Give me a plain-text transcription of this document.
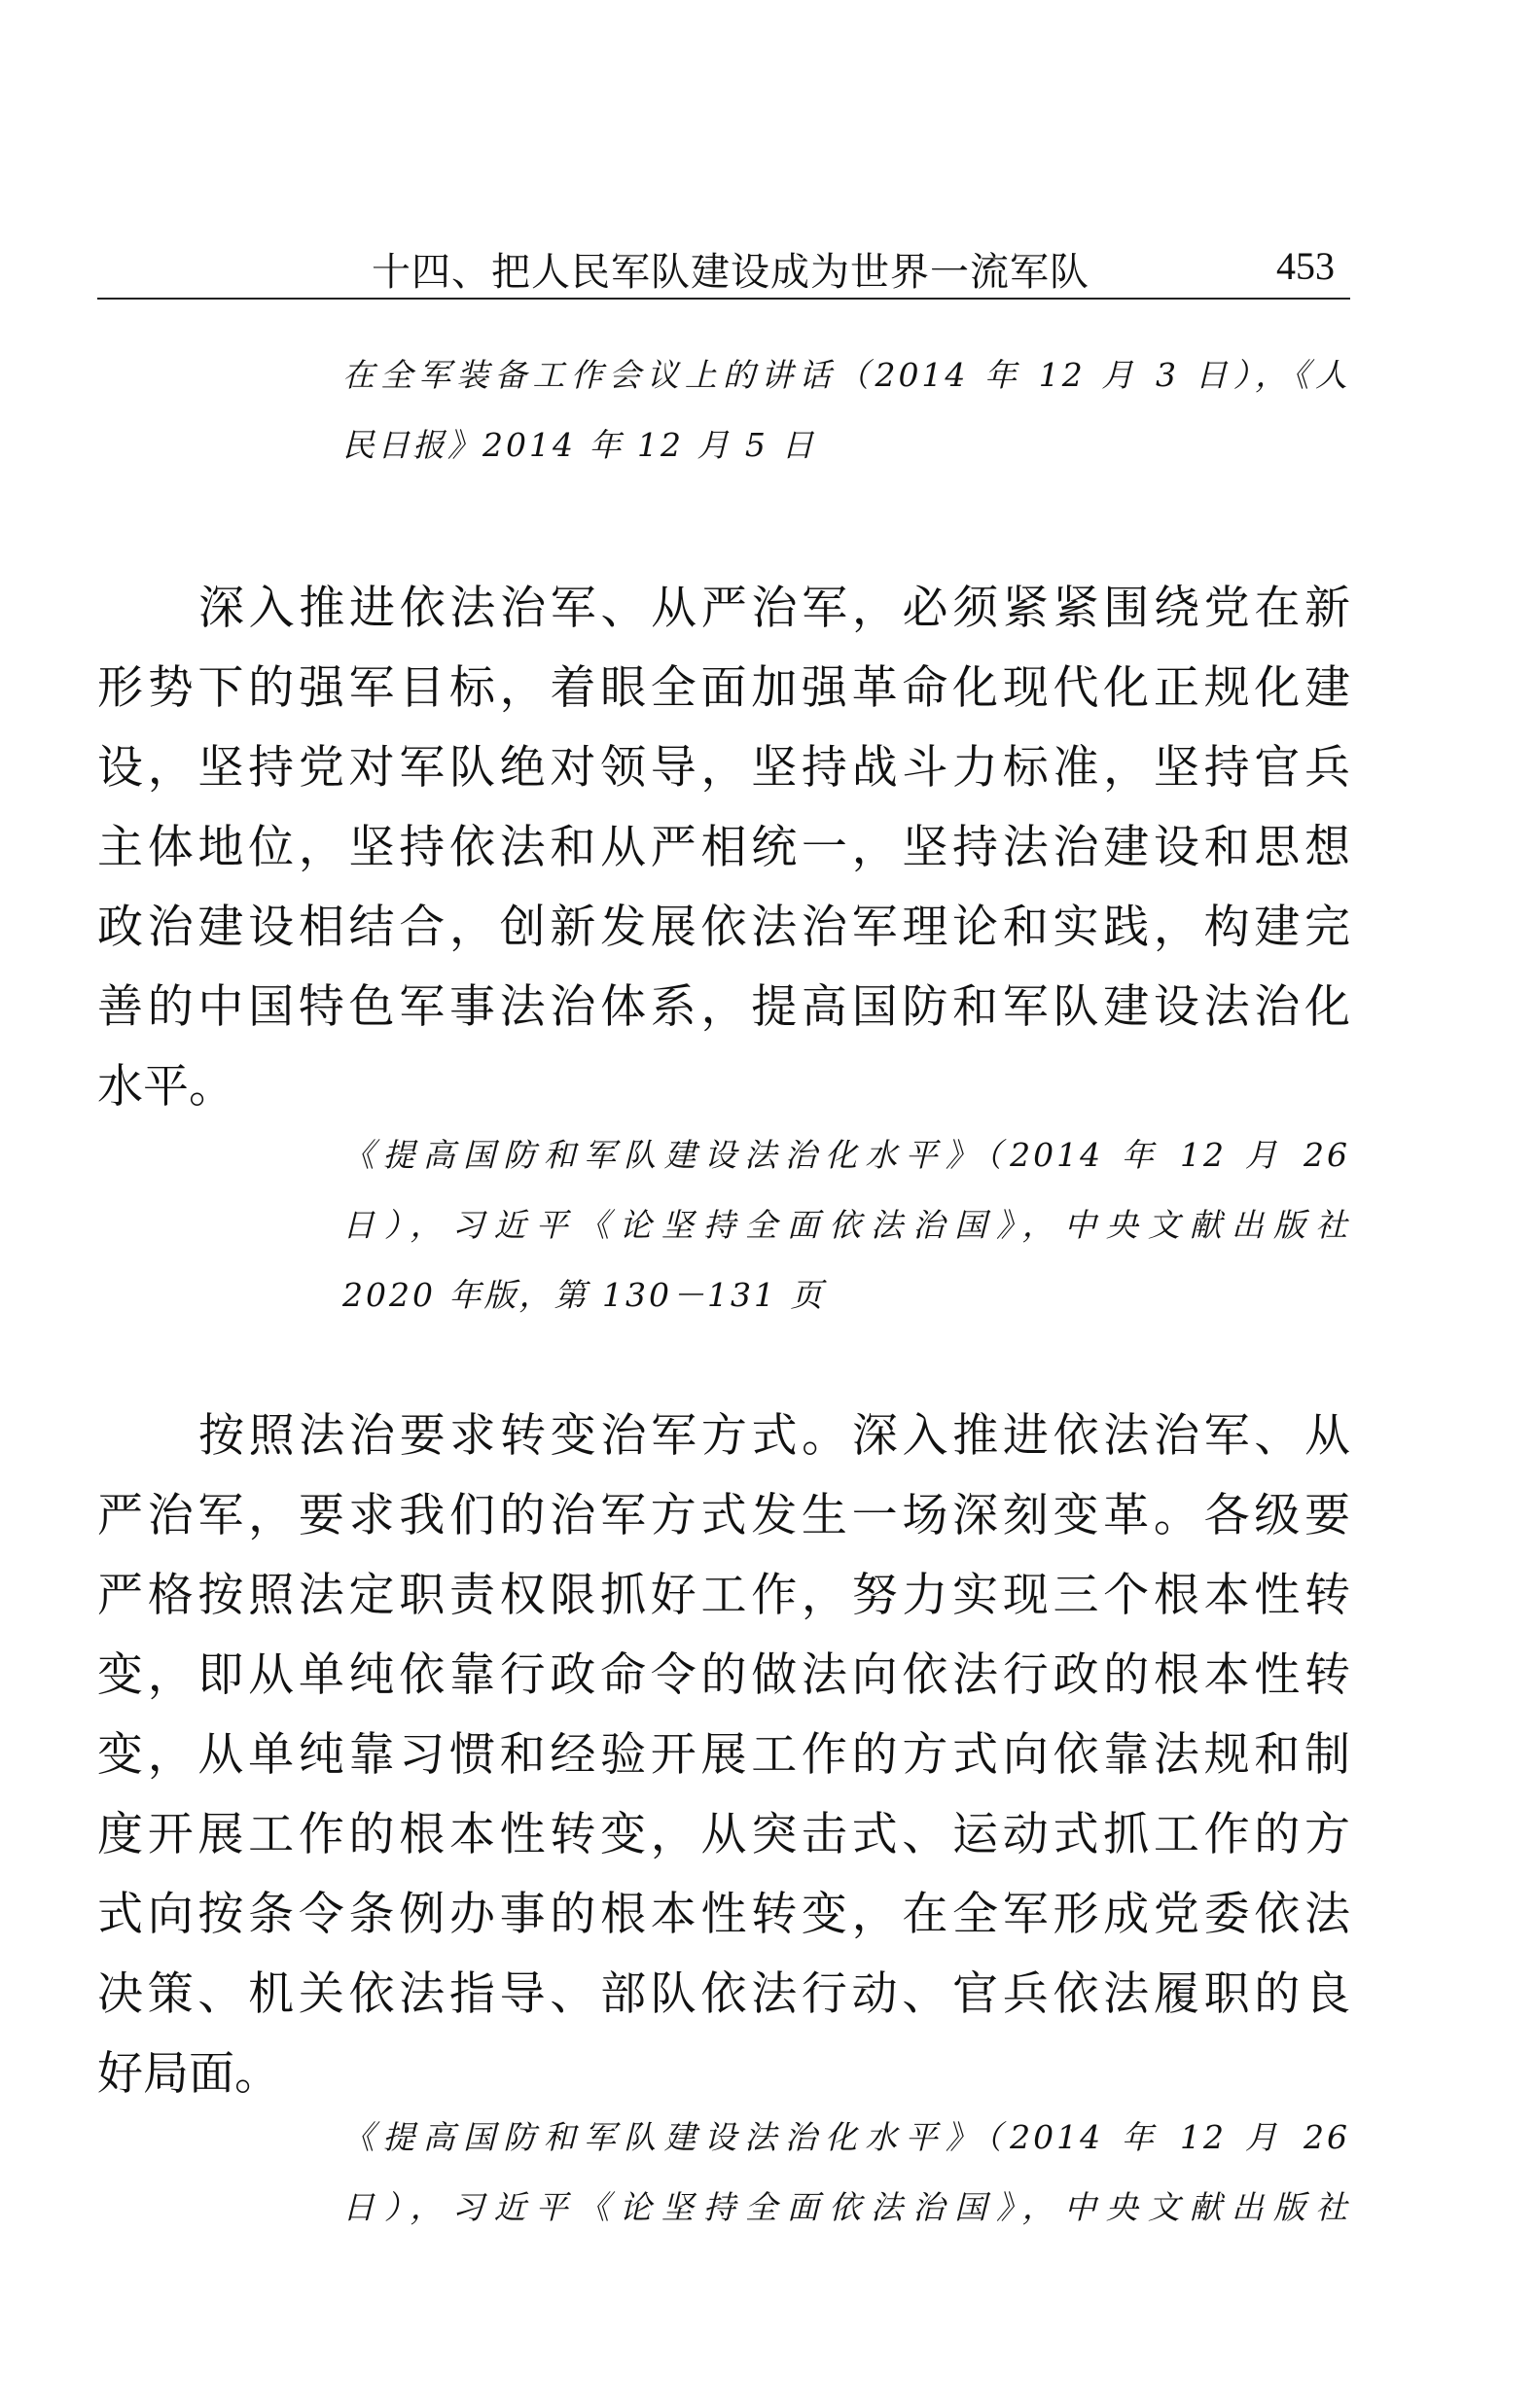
十四、把人民军队建设成为世界一流军队	453
在全军装备工作会议上的讲话（2014 年 12 月 3 日），《人
民日报》2014 年 12 月 5 日
深入推进依法治军、从严治军，必须紧紧围绕党在新
形势下的强军目标，着眼全面加强革命化现代化正规化建
设，坚持党对军队绝对领导，坚持战斗力标准，坚持官兵
主体地位，坚持依法和从严相统一，坚持法治建设和思想
政治建设相结合，创新发展依法治军理论和实践，构建完
善的中国特色军事法治体系，提高国防和军队建设法治化
水平。
《提高国防和军队建设法治化水平》（2014 年 12 月 26
日），习近平《论坚持全面依法治国》，中央文献出版社
2020 年版，第 130－131 页
按照法治要求转变治军方式。深入推进依法治军、从
严治军，要求我们的治军方式发生一场深刻变革。各级要
严格按照法定职责权限抓好工作，努力实现三个根本性转
变，即从单纯依靠行政命令的做法向依法行政的根本性转
变，从单纯靠习惯和经验开展工作的方式向依靠法规和制
度开展工作的根本性转变，从突击式、运动式抓工作的方
式向按条令条例办事的根本性转变，在全军形成党委依法
决策、机关依法指导、部队依法行动、官兵依法履职的良
好局面。
《提高国防和军队建设法治化水平》（2014 年 12 月 26
日），习近平《论坚持全面依法治国》，中央文献出版社
